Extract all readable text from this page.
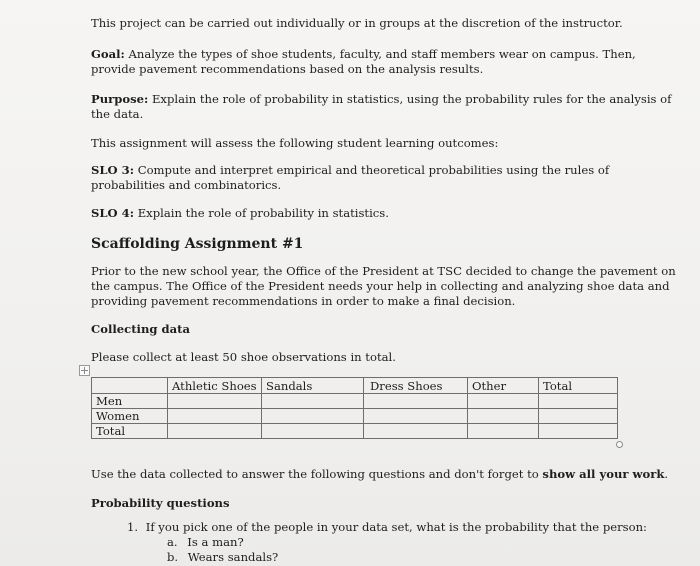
This project can be carried out individually or in groups at the discretion of the instructor.
Goal: Analyze the types of shoe students, faculty, and staff members wear on campus. Then,
provide pavement recommendations based on the analysis results.
Purpose: Explain the role of probability in statistics, using the probability rules for the analysis of
the data.
This assignment will assess the following student learning outcomes:
SLO 3: Compute and interpret empirical and theoretical probabilities using the rules of
probabilities and combinatorics.
SLO 4: Explain the role of probability in statistics.
Scaffolding Assignment #1
Prior to the new school year, the Office of the President at TSC decided to change the pavement on
the campus. The Office of the President needs your help in collecting and analyzing shoe data and
providing pavement recommendations in order to make a final decision.
Collecting data
Please collect at least 50 shoe observations in total.
	Athletic Shoes	Sandals	Dress Shoes	Other	Total
Men					
Women					
Total					
Use the data collected to answer the following questions and don't forget to show all your work.
Probability questions
1. If you pick one of the people in your data set, what is the probability that the person:
a. Is a man?
b. Wears sandals?
